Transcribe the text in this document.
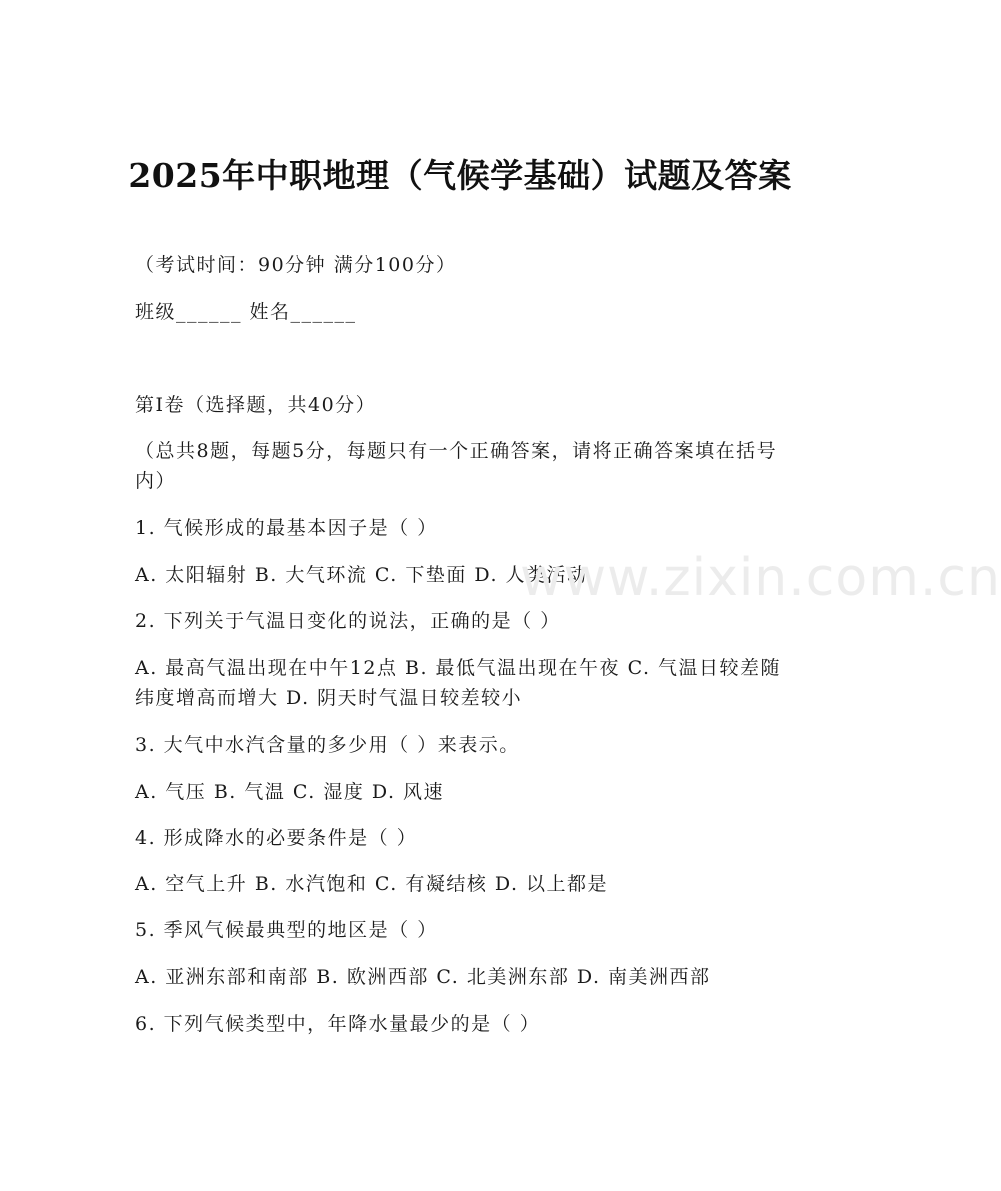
2025年中职地理（气候学基础）试题及答案
（考试时间：90分钟 满分100分）
班级______ 姓名______
第I卷（选择题，共40分）
（总共8题，每题5分，每题只有一个正确答案，请将正确答案填在括号内）
1. 气候形成的最基本因子是（ ）
A. 太阳辐射 B. 大气环流 C. 下垫面 D. 人类活动
2. 下列关于气温日变化的说法，正确的是（ ）
A. 最高气温出现在中午12点 B. 最低气温出现在午夜 C. 气温日较差随纬度增高而增大 D. 阴天时气温日较差较小
3. 大气中水汽含量的多少用（ ）来表示。
A. 气压 B. 气温 C. 湿度 D. 风速
4. 形成降水的必要条件是（ ）
A. 空气上升 B. 水汽饱和 C. 有凝结核 D. 以上都是
5. 季风气候最典型的地区是（ ）
A. 亚洲东部和南部 B. 欧洲西部 C. 北美洲东部 D. 南美洲西部
6. 下列气候类型中，年降水量最少的是（ ）
www.zixin.com.cn
